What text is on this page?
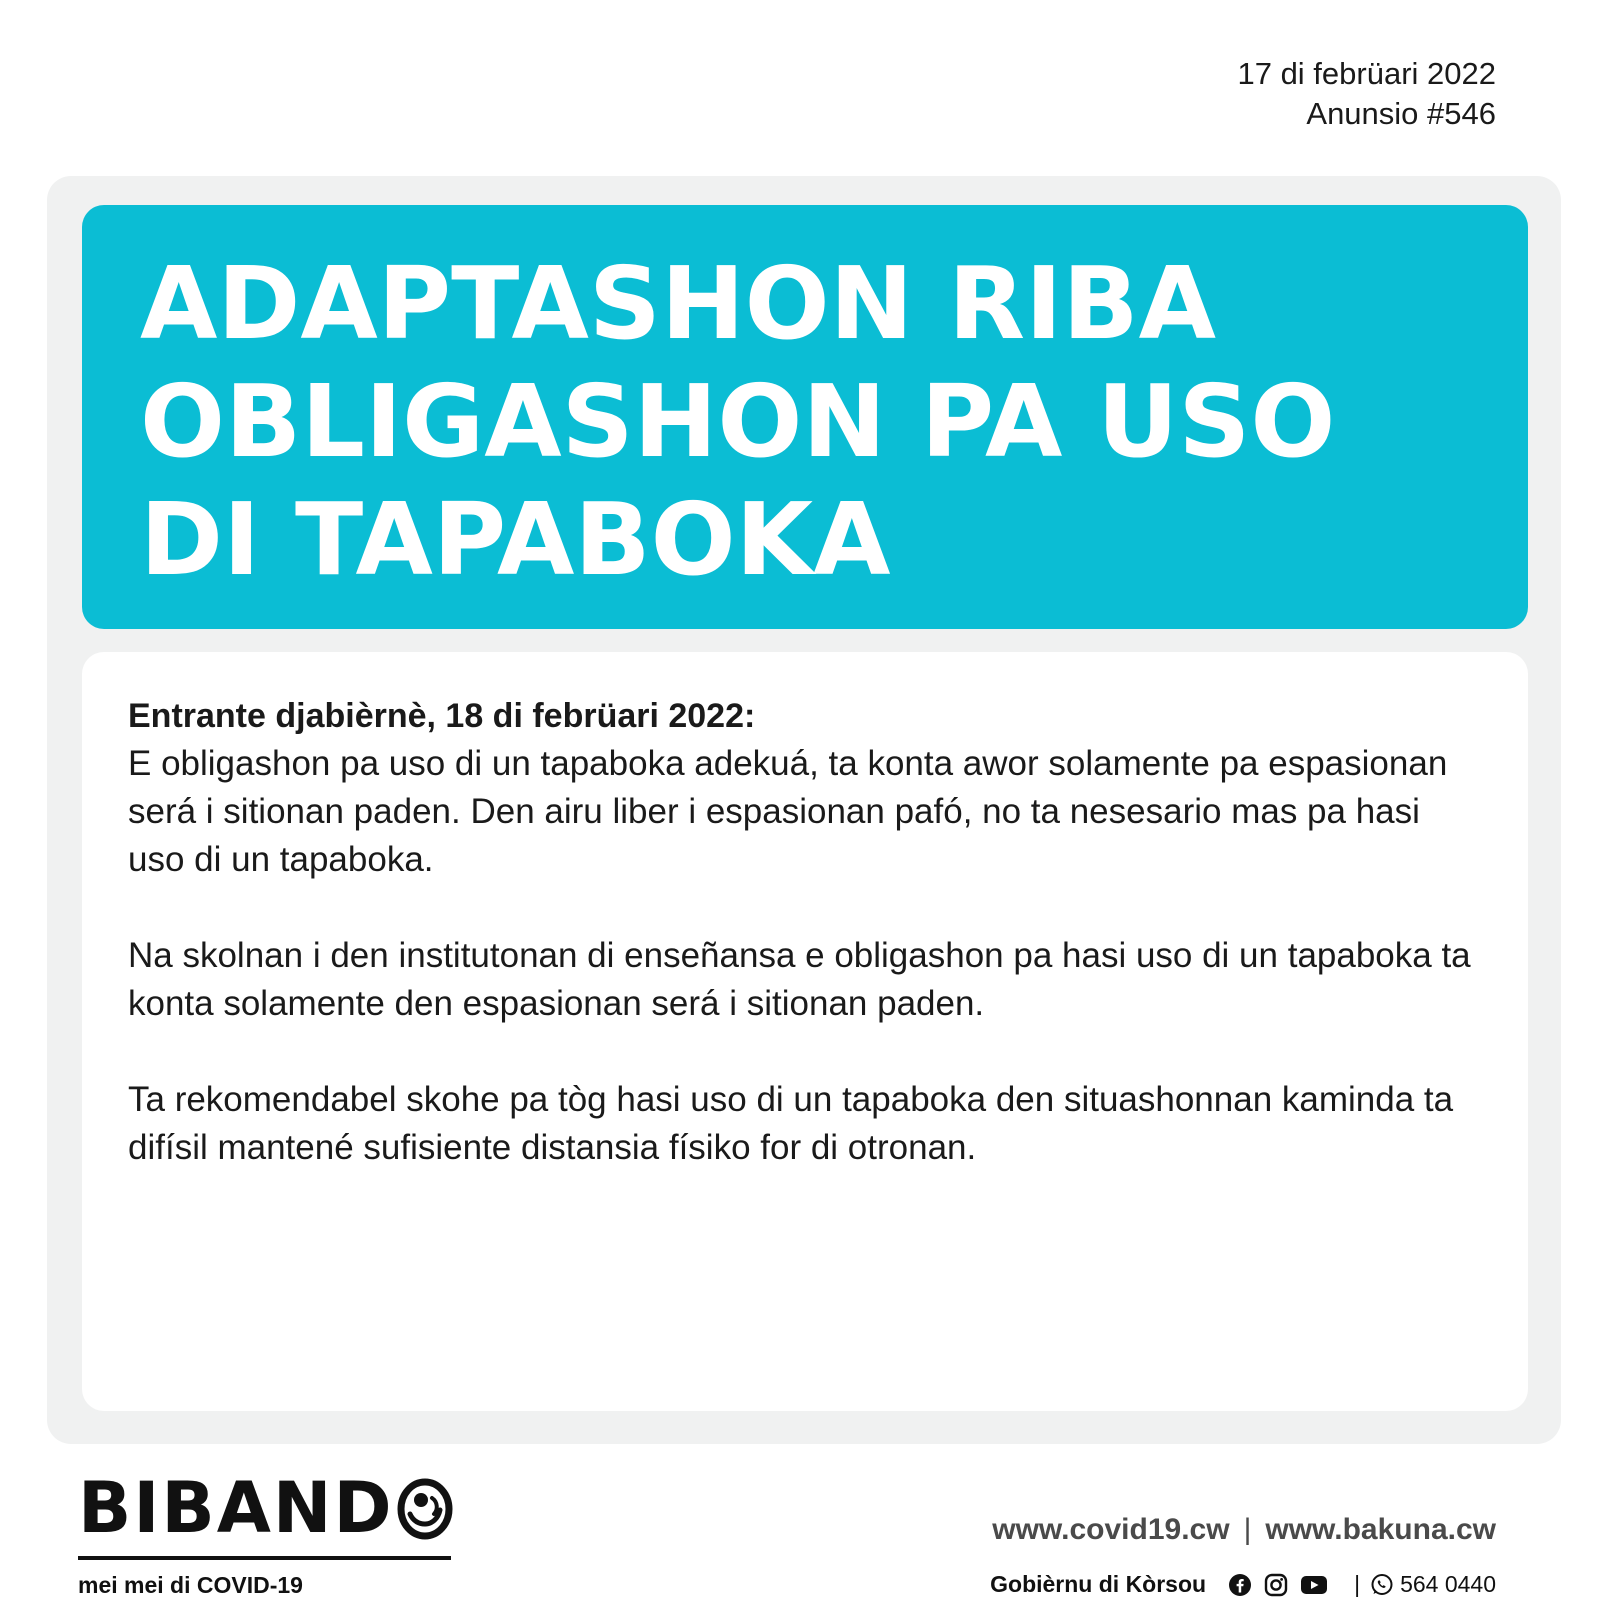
17 di febrüari 2022
Anunsio #546
ADAPTASHON RIBA
OBLIGASHON PA USO
DI TAPABOKA

Entrante djabièrnè, 18 di febrüari 2022:

E obligashon pa uso di un tapaboka adekuá, ta konta awor solamente pa espasionan será i sitionan paden. Den airu liber i espasionan pafó, no ta nesesario mas pa hasi uso di un tapaboka.

Na skolnan i den institutonan di enseñansa e obligashon pa hasi uso di un tapaboka ta konta solamente den espasionan será i sitionan paden.

Ta rekomendabel skohe pa tòg hasi uso di un tapaboka den situashonnan kaminda ta difísil mantené sufisiente distansia físiko for di otronan.

BIBAND
mei mei di COVID-19
www.covid19.cw | www.bakuna.cw
Gobièrnu di Kòrsou	| 564 0440
